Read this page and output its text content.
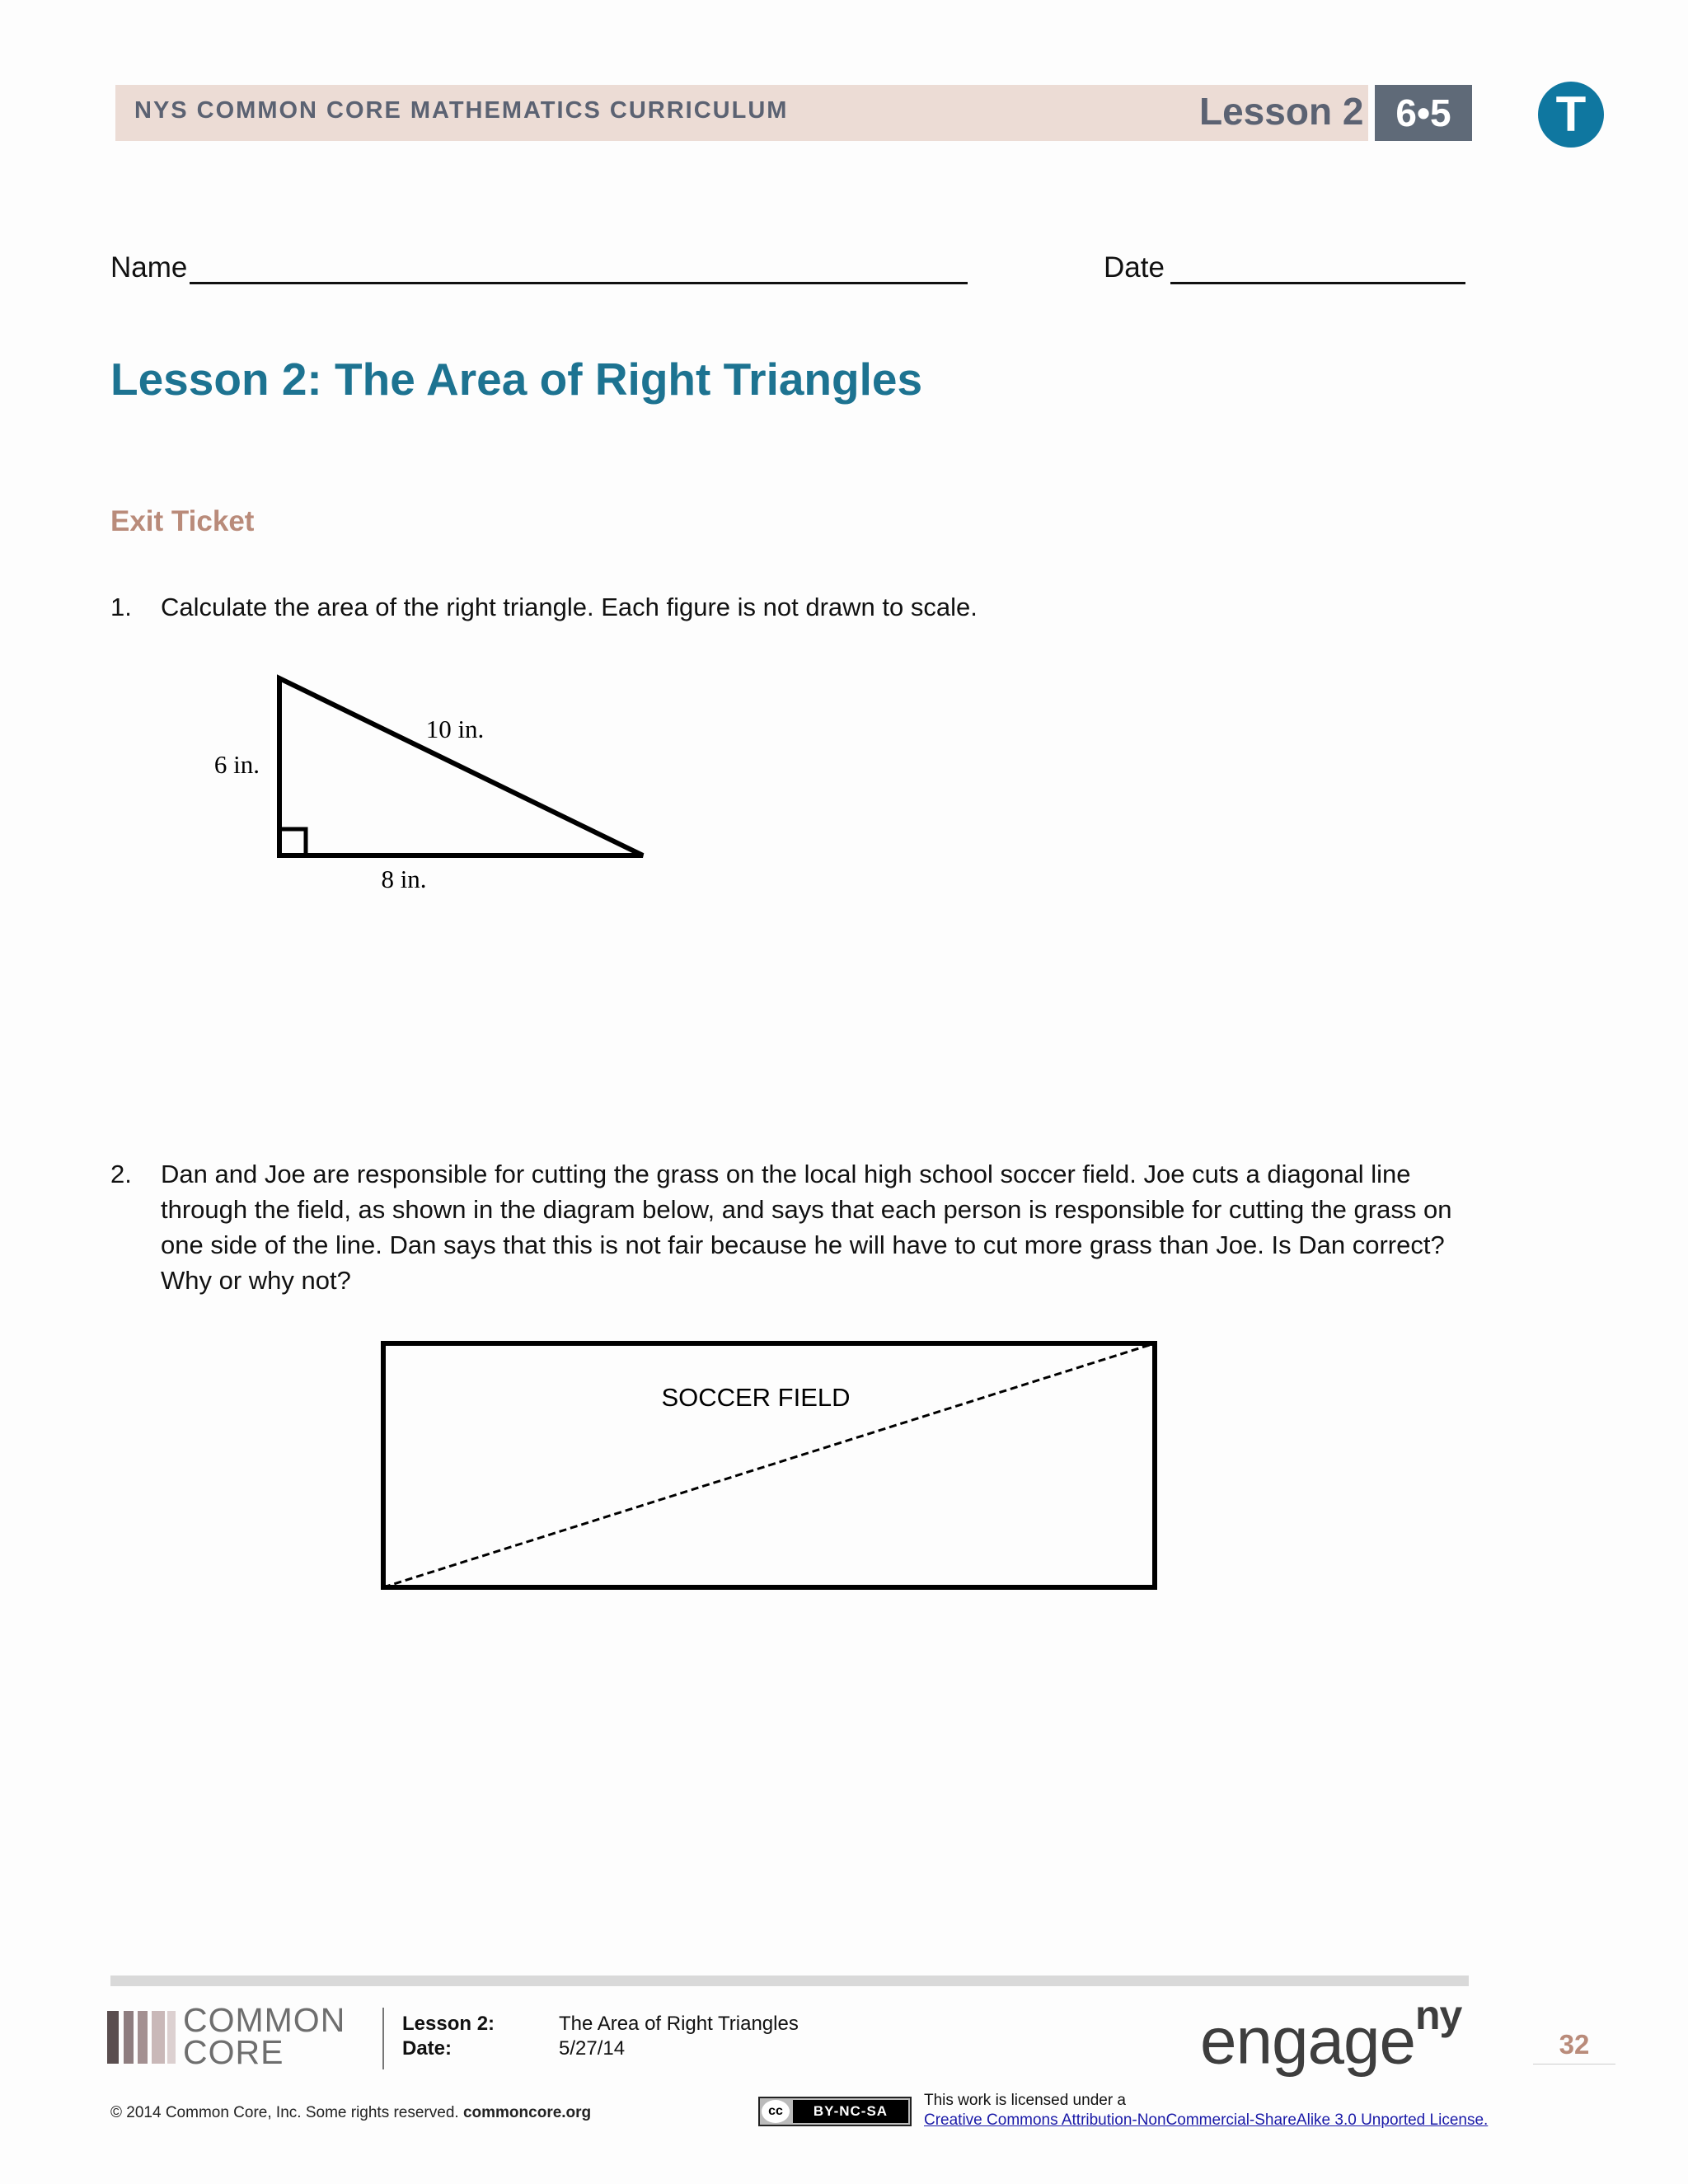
NYS COMMON CORE MATHEMATICS CURRICULUM	Lesson 2 6•5	T
Name	Date
Lesson 2: The Area of Right Triangles
Exit Ticket
1. Calculate the area of the right triangle. Each figure is not drawn to scale.
6 in.
10 in.
8 in.
2. Dan and Joe are responsible for cutting the grass on the local high school soccer field. Joe cuts a diagonal line
through the field, as shown in the diagram below, and says that each person is responsible for cutting the grass on
one side of the line. Dan says that this is not fair because he will have to cut more grass than Joe. Is Dan correct?
Why or why not?
SOCCER FIELD
COMMON
CORE
Lesson 2:	The Area of Right Triangles
Date:	5/27/14	engage$^{ny}$
32
© 2014 Common Core, Inc. Some rights reserved. commoncore.org	cc	BY-NC-SA
This work is licensed under a
Creative Commons Attribution-NonCommercial-ShareAlike 3.0 Unported License.
